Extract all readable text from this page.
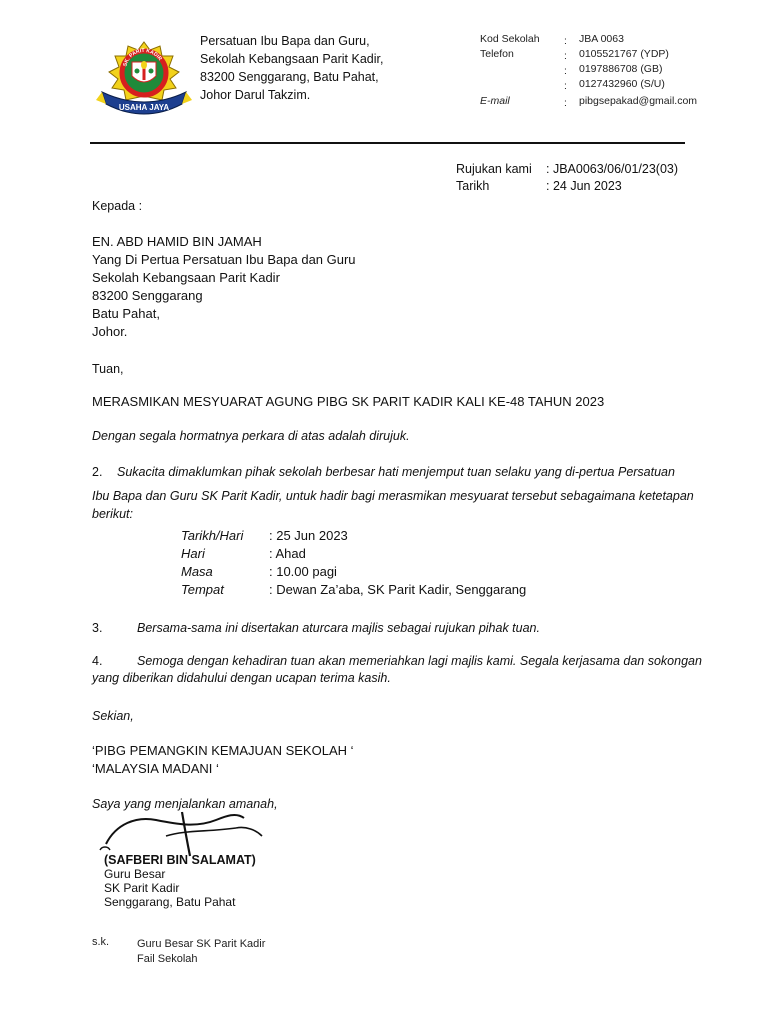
SK. PARIT KADIR
USAHA JAYA
Persatuan Ibu Bapa dan Guru,
Sekolah Kebangsaan Parit Kadir,
83200 Senggarang, Batu Pahat,
Johor Darul Takzim.
Kod Sekolah : JBA 0063
Telefon	: 0105521767 (YDP)
: 0197886708 (GB)
: 0127432960 (S/U)
E-mail	: pibgsepakad@gmail.com
Rujukan kami : JBA0063/06/01/23(03)
Tarikh	: 24 Jun 2023
Kepada :
EN. ABD HAMID BIN JAMAH
Yang Di Pertua Persatuan Ibu Bapa dan Guru
Sekolah Kebangsaan Parit Kadir
83200 Senggarang
Batu Pahat,
Johor.
Tuan,
MERASMIKAN MESYUARAT AGUNG PIBG SK PARIT KADIR KALI KE-48 TAHUN 2023
Dengan segala hormatnya perkara di atas adalah dirujuk.
2. Sukacita dimaklumkan pihak sekolah berbesar hati menjemput tuan selaku yang di-pertua Persatuan
Ibu Bapa dan Guru SK Parit Kadir, untuk hadir bagi merasmikan mesyuarat tersebut sebagaimana ketetapan
berikut:
Tarikh/Hari : 25 Jun 2023
Hari	: Ahad
Masa	: 10.00 pagi
Tempat	: Dewan Za’aba, SK Parit Kadir, Senggarang
3.	Bersama-sama ini disertakan aturcara majlis sebagai rujukan pihak tuan.
4.	Semoga dengan kehadiran tuan akan memeriahkan lagi majlis kami. Segala kerjasama dan sokongan
yang diberikan didahului dengan ucapan terima kasih.
Sekian,
‘PIBG PEMANGKIN KEMAJUAN SEKOLAH ‘
‘MALAYSIA MADANI ‘
Saya yang menjalankan amanah,
(SAFBERI BIN SALAMAT)
Guru Besar
SK Parit Kadir
Senggarang, Batu Pahat
s.k.	Guru Besar SK Parit Kadir
Fail Sekolah
